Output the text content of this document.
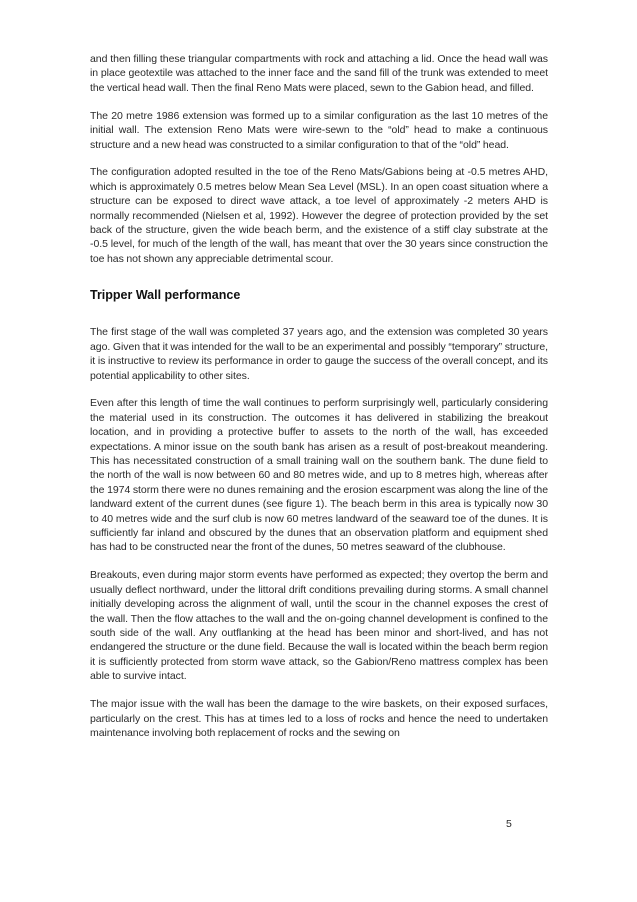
and then filling these triangular compartments with rock and attaching a lid. Once the head wall was in place geotextile was attached to the inner face and the sand fill of the trunk was extended to meet the vertical head wall. Then the final Reno Mats were placed, sewn to the Gabion head, and filled.

The 20 metre 1986 extension was formed up to a similar configuration as the last 10 metres of the initial wall. The extension Reno Mats were wire-sewn to the “old” head to make a continuous structure and a new head was constructed to a similar configuration to that of the “old” head.

The configuration adopted resulted in the toe of the Reno Mats/Gabions being at -0.5 metres AHD, which is approximately 0.5 metres below Mean Sea Level (MSL). In an open coast situation where a structure can be exposed to direct wave attack, a toe level of approximately -2 meters AHD is normally recommended (Nielsen et al, 1992). However the degree of protection provided by the set back of the structure, given the wide beach berm, and the existence of a stiff clay substrate at the -0.5 level, for much of the length of the wall, has meant that over the 30 years since construction the toe has not shown any appreciable detrimental scour.

Tripper Wall performance

The first stage of the wall was completed 37 years ago, and the extension was completed 30 years ago. Given that it was intended for the wall to be an experimental and possibly “temporary” structure, it is instructive to review its performance in order to gauge the success of the overall concept, and its potential applicability to other sites.

Even after this length of time the wall continues to perform surprisingly well, particularly considering the material used in its construction. The outcomes it has delivered in stabilizing the breakout location, and in providing a protective buffer to assets to the north of the wall, has exceeded expectations. A minor issue on the south bank has arisen as a result of post-breakout meandering. This has necessitated construction of a small training wall on the southern bank. The dune field to the north of the wall is now between 60 and 80 metres wide, and up to 8 metres high, whereas after the 1974 storm there were no dunes remaining and the erosion escarpment was along the line of the landward extent of the current dunes (see figure 1). The beach berm in this area is typically now 30 to 40 metres wide and the surf club is now 60 metres landward of the seaward toe of the dunes. It is sufficiently far inland and obscured by the dunes that an observation platform and equipment shed has had to be constructed near the front of the dunes, 50 metres seaward of the clubhouse.

Breakouts, even during major storm events have performed as expected; they overtop the berm and usually deflect northward, under the littoral drift conditions prevailing during storms. A small channel initially developing across the alignment of wall, until the scour in the channel exposes the crest of the wall. Then the flow attaches to the wall and the on-going channel development is confined to the south side of the wall. Any outflanking at the head has been minor and short-lived, and has not endangered the structure or the dune field. Because the wall is located within the beach berm region it is sufficiently protected from storm wave attack, so the Gabion/Reno mattress complex has been able to survive intact.

The major issue with the wall has been the damage to the wire baskets, on their exposed surfaces, particularly on the crest. This has at times led to a loss of rocks and hence the need to undertaken maintenance involving both replacement of rocks and the sewing on

5
